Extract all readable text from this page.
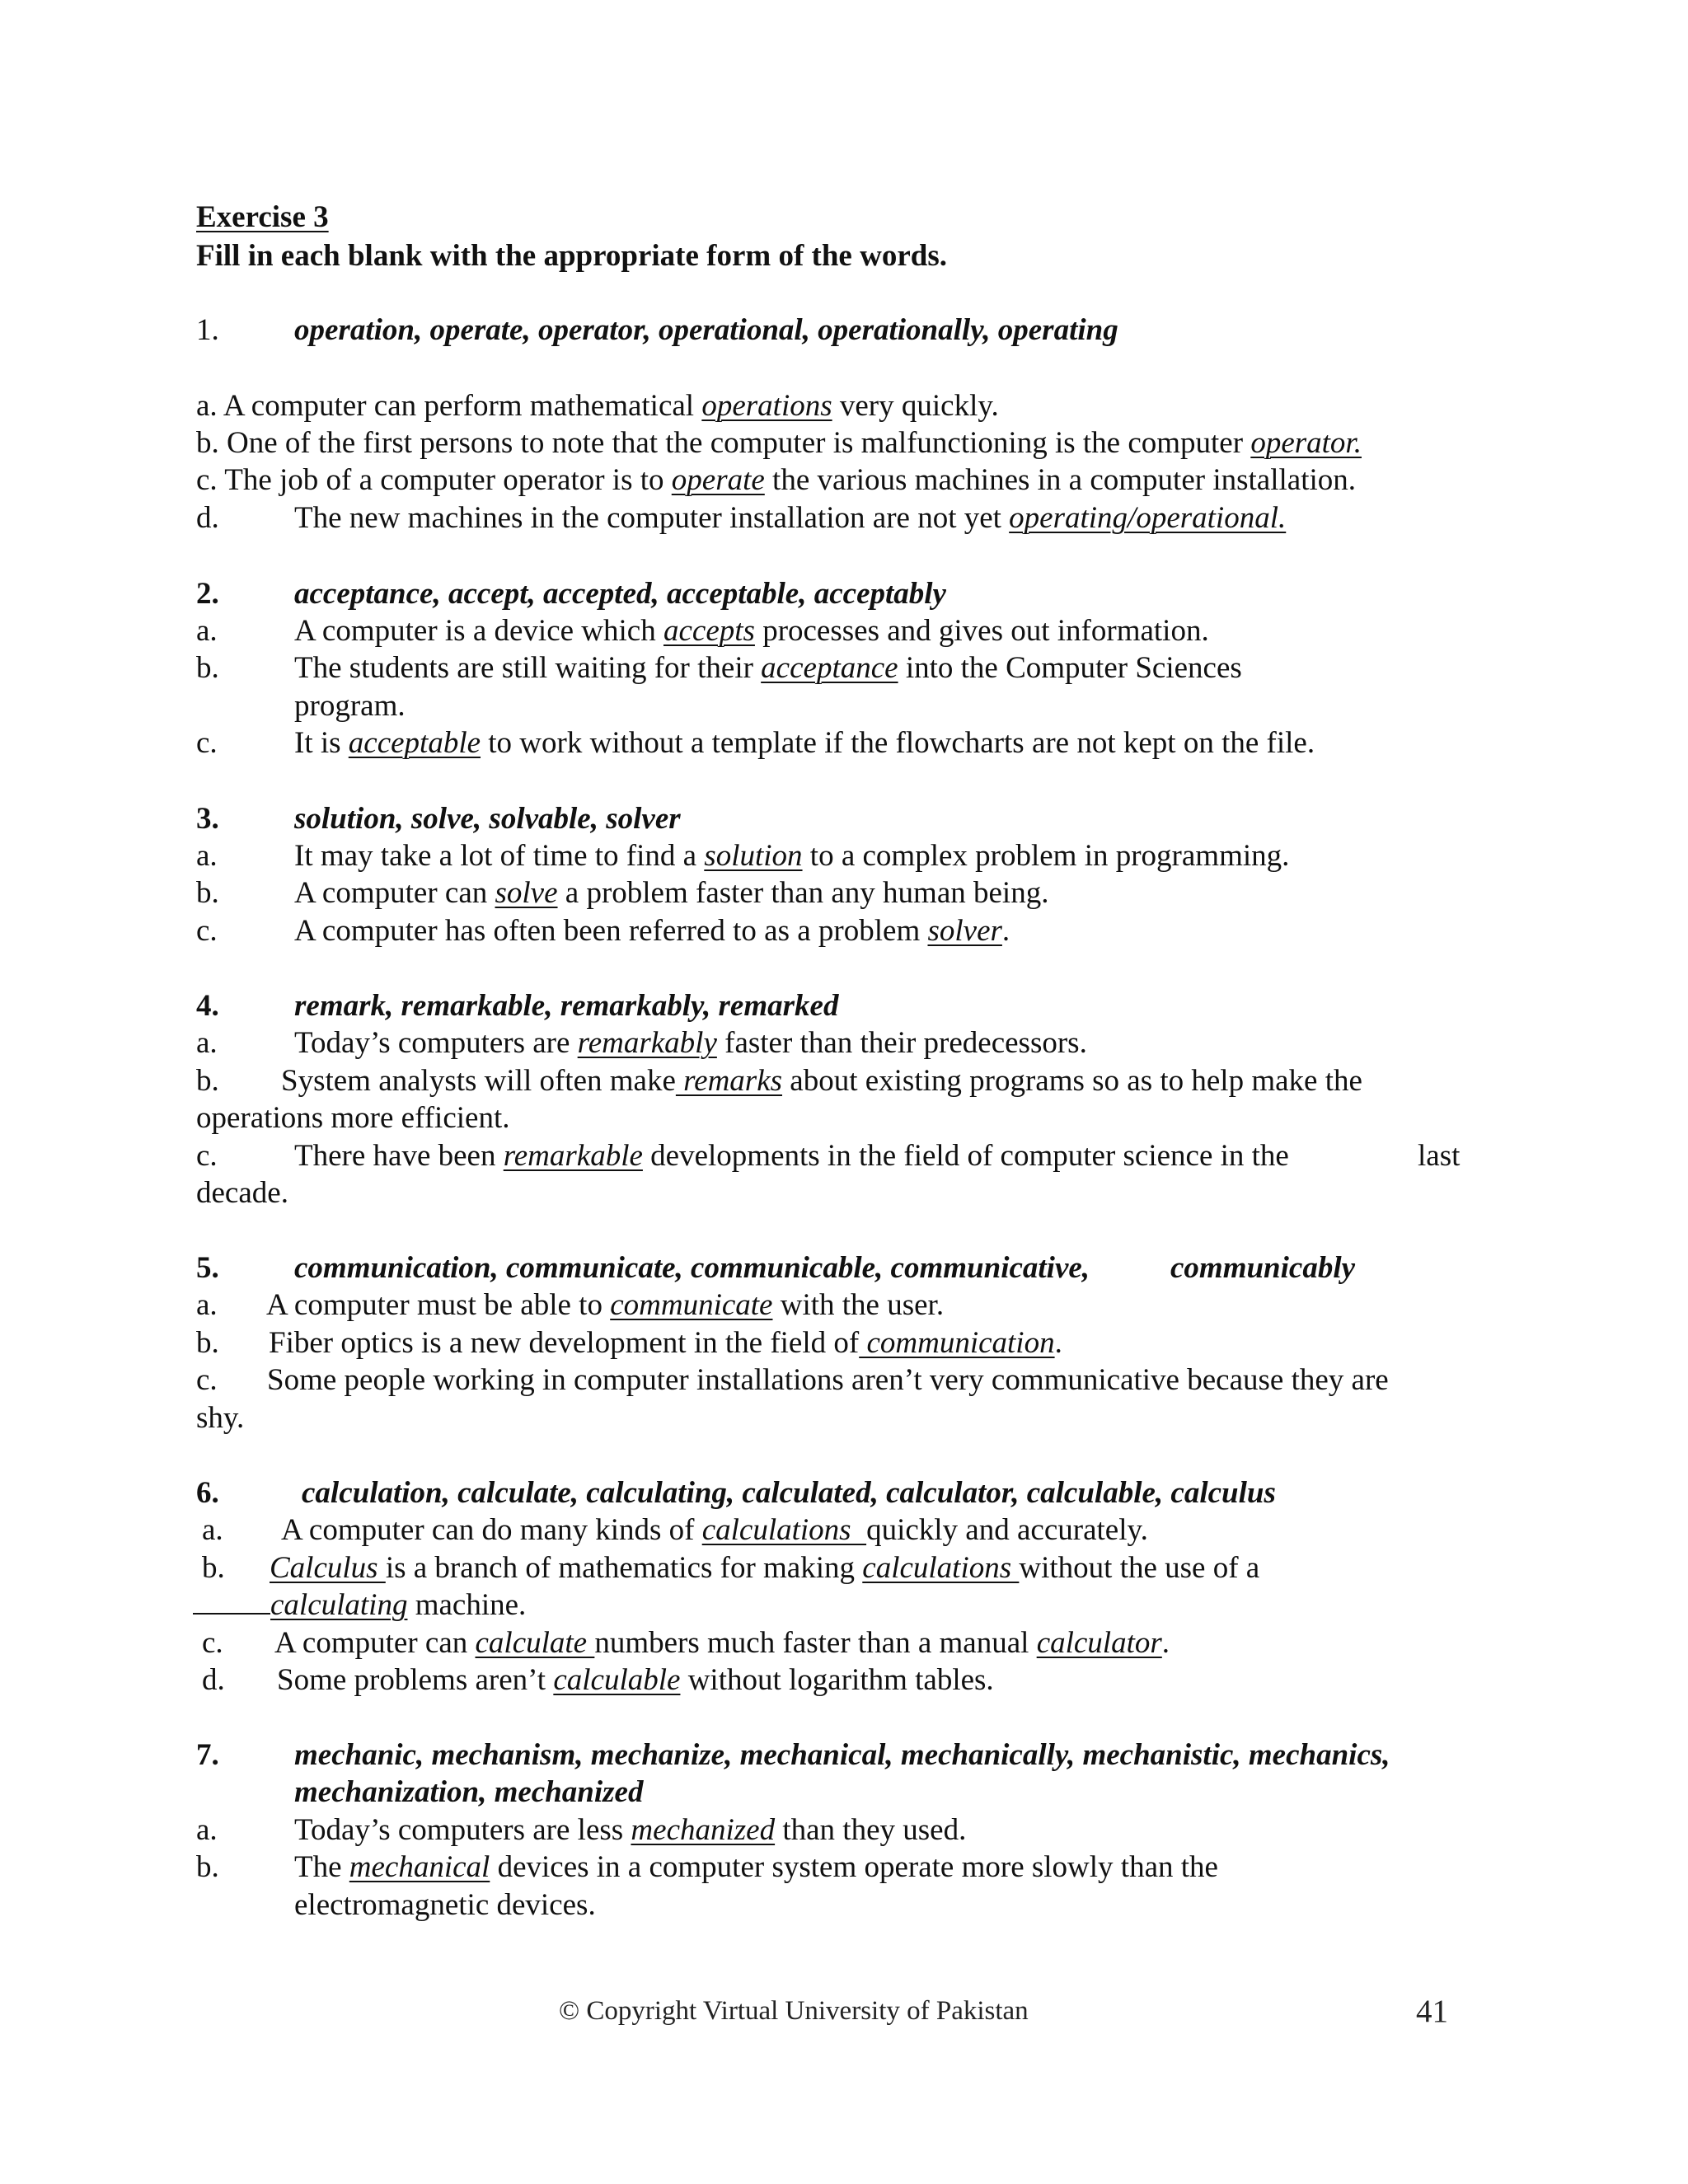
Exercise 3
Fill in each blank with the appropriate form of the words.
1. operation, operate, operator, operational, operationally, operating
a. A computer can perform mathematical operations very quickly.
b. One of the first persons to note that the computer is malfunctioning is the computer operator.
c. The job of a computer operator is to operate the various machines in a computer installation.
d. The new machines in the computer installation are not yet operating/operational.
2. acceptance, accept, accepted, acceptable, acceptably
a.	A computer is a device which accepts processes and gives out information.
b. The students are still waiting for their acceptance into the Computer Sciences
program.
c.	It is acceptable to work without a template if the flowcharts are not kept on the file.
3. solution, solve, solvable, solver
a.	It may take a lot of time to find a solution to a complex problem in programming.
b. A computer can solve a problem faster than any human being.
c.	A computer has often been referred to as a problem solver.
4. remark, remarkable, remarkably, remarked
a.	Today’s computers are remarkably faster than their predecessors.
b. System analysts will often make remarks about existing programs so as to help make the
operations more efficient.
c.	There have been remarkable developments in the field of computer science in the	last
decade.
5. communication, communicate, communicable, communicative,	communicably
a. A computer must be able to communicate with the user.
b. Fiber optics is a new development in the field of communication.
c. Some people working in computer installations aren’t very communicative because they are
shy.
6.	calculation, calculate, calculating, calculated, calculator, calculable, calculus
a. A computer can do many kinds of calculations  quickly and accurately.
b. Calculus is a branch of mathematics for making calculations without the use of a
calculating machine.
c. A computer can calculate numbers much faster than a manual calculator.
d. Some problems aren’t calculable without logarithm tables.
7. mechanic, mechanism, mechanize, mechanical, mechanically, mechanistic, mechanics,
mechanization, mechanized
a.	Today’s computers are less mechanized than they used.
b. The mechanical devices in a computer system operate more slowly than the
electromagnetic devices.
© Copyright Virtual University of Pakistan	41
